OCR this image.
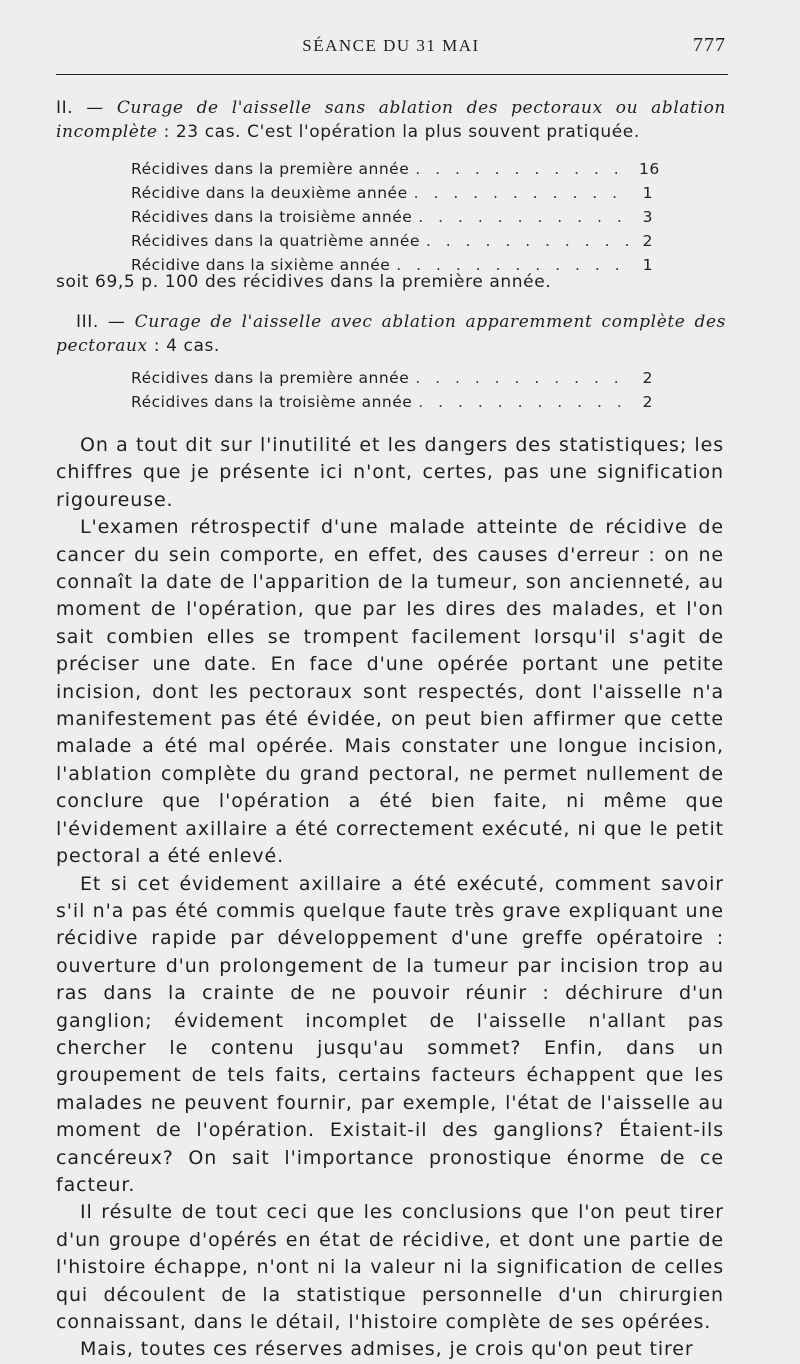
SÉANCE DU 31 MAI	777

II. — Curage de l'aisselle sans ablation des pectoraux ou ablation

incomplète : 23 cas. C'est l'opération la plus souvent pratiquée.

Récidives dans la première année . . .	16
Récidive dans la deuxième année . . .	1
Récidives dans la troisième année . . .	3
Récidives dans la quatrième année . . .	2
Récidive dans la sixième année . . .	1

soit 69,5 p. 100 des récidives dans la première année.

III. — Curage de l'aisselle avec ablation apparemment complète des

pectoraux : 4 cas.

Récidives dans la première année . . .	2
Récidives dans la troisième année . . .	2

On a tout dit sur l'inutilité et les dangers des statistiques; les chiffres que je présente ici n'ont, certes, pas une signification rigoureuse.

L'examen rétrospectif d'une malade atteinte de récidive de cancer du sein comporte, en effet, des causes d'erreur : on ne connaît la date de l'apparition de la tumeur, son ancienneté, au moment de l'opération, que par les dires des malades, et l'on sait combien elles se trompent facilement lorsqu'il s'agit de préciser une date. En face d'une opérée portant une petite incision, dont les pectoraux sont respectés, dont l'aisselle n'a manifestement pas été évidée, on peut bien affirmer que cette malade a été mal opérée. Mais constater une longue incision, l'ablation complète du grand pectoral, ne permet nullement de conclure que l'opération a été bien faite, ni même que l'évidement axillaire a été correctement exécuté, ni que le petit pectoral a été enlevé.

Et si cet évidement axillaire a été exécuté, comment savoir s'il n'a pas été commis quelque faute très grave expliquant une récidive rapide par développement d'une greffe opératoire : ouverture d'un prolongement de la tumeur par incision trop au ras dans la crainte de ne pouvoir réunir : déchirure d'un ganglion; évidement incomplet de l'aisselle n'allant pas chercher le contenu jusqu'au sommet? Enfin, dans un groupement de tels faits, certains facteurs échappent que les malades ne peuvent fournir, par exemple, l'état de l'aisselle au moment de l'opération. Existait-il des ganglions? Étaient-ils cancéreux? On sait l'importance pronostique énorme de ce facteur.

Il résulte de tout ceci que les conclusions que l'on peut tirer d'un groupe d'opérés en état de récidive, et dont une partie de l'histoire échappe, n'ont ni la valeur ni la signification de celles qui découlent de la statistique personnelle d'un chirurgien connaissant, dans le détail, l'histoire complète de ses opérées.

Mais, toutes ces réserves admises, je crois qu'on peut tirer
